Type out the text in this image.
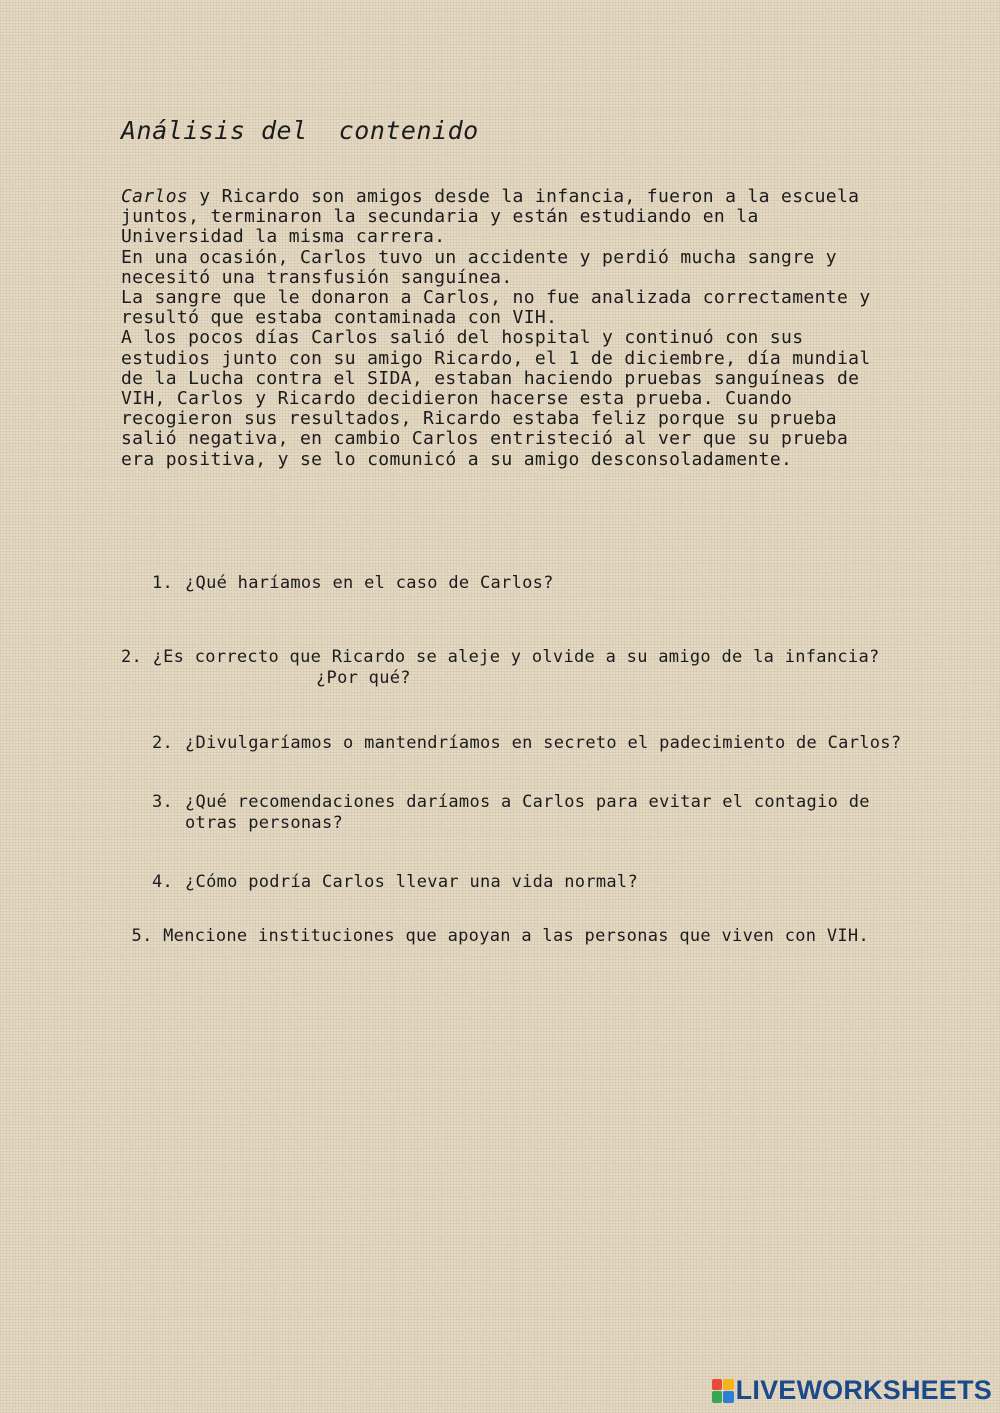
Análisis del  contenido

Carlos y Ricardo son amigos desde la infancia, fueron a la escuela juntos, terminaron la secundaria y están estudiando en la Universidad la misma carrera.

En una ocasión, Carlos tuvo un accidente y perdió mucha sangre y necesitó una transfusión sanguínea.

La sangre que le donaron a Carlos, no fue analizada correctamente y resultó que estaba contaminada con VIH.

A los pocos días Carlos salió del hospital y continuó con sus estudios junto con su amigo Ricardo, el 1 de diciembre, día mundial de la Lucha contra el SIDA, estaban haciendo pruebas sanguíneas de VIH, Carlos y Ricardo decidieron hacerse esta prueba. Cuando recogieron sus resultados, Ricardo estaba feliz porque su prueba salió negativa, en cambio Carlos entristeció al ver que su prueba era positiva, y se lo comunicó a su amigo desconsoladamente.

1. ¿Qué haríamos en el caso de Carlos?
2. ¿Es correcto que Ricardo se aleje y olvide a su amigo de la infancia?¿Por qué?
2. ¿Divulgaríamos o mantendríamos en secreto el padecimiento de Carlos?
3. ¿Qué recomendaciones daríamos a Carlos para evitar el contagio de otras personas?
4. ¿Cómo podría Carlos llevar una vida normal?
5. Mencione instituciones que apoyan a las personas que viven con VIH.
LIVEWORKSHEETS
